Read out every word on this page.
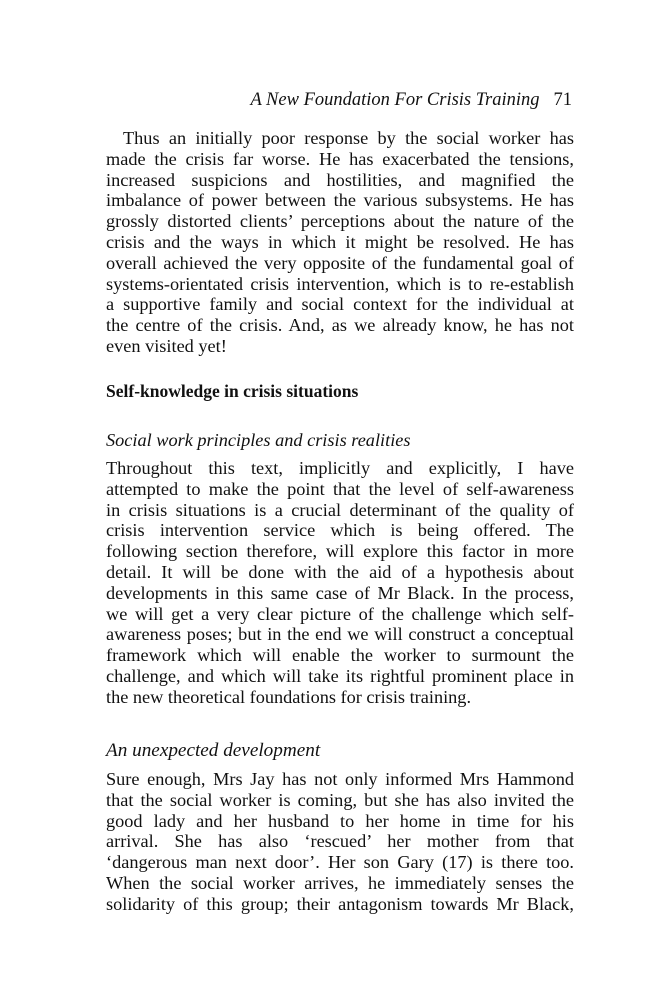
A New Foundation For Crisis Training 71

Thus an initially poor response by the social worker has
made the crisis far worse. He has exacerbated the tensions,
increased suspicions and hostilities, and magnified the
imbalance of power between the various subsystems. He has
grossly distorted clients’ perceptions about the nature of the
crisis and the ways in which it might be resolved. He has
overall achieved the very opposite of the fundamental goal of
systems-orientated crisis intervention, which is to re-establish
a supportive family and social context for the individual at
the centre of the crisis. And, as we already know, he has not
even visited yet!

Self-knowledge in crisis situations
Social work principles and crisis realities

Throughout this text, implicitly and explicitly, I have
attempted to make the point that the level of self-awareness
in crisis situations is a crucial determinant of the quality of
crisis intervention service which is being offered. The
following section therefore, will explore this factor in more
detail. It will be done with the aid of a hypothesis about
developments in this same case of Mr Black. In the process,
we will get a very clear picture of the challenge which self-
awareness poses; but in the end we will construct a conceptual
framework which will enable the worker to surmount the
challenge, and which will take its rightful prominent place in
the new theoretical foundations for crisis training.

An unexpected development

Sure enough, Mrs Jay has not only informed Mrs Hammond
that the social worker is coming, but she has also invited the
good lady and her husband to her home in time for his
arrival. She has also ‘rescued’ her mother from that
‘dangerous man next door’. Her son Gary (17) is there too.
When the social worker arrives, he immediately senses the
solidarity of this group; their antagonism towards Mr Black,
